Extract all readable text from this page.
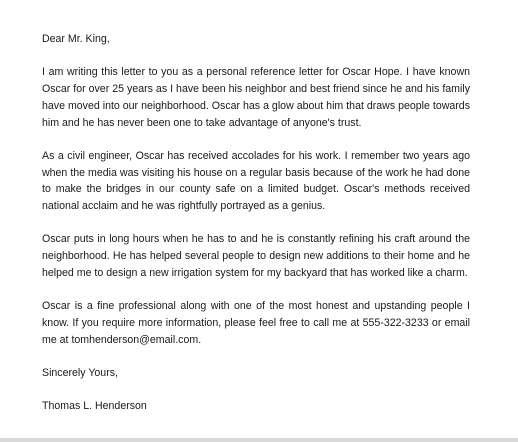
Dear Mr. King,

I am writing this letter to you as a personal reference letter for Oscar Hope. I have known Oscar for over 25 years as I have been his neighbor and best friend since he and his family have moved into our neighborhood. Oscar has a glow about him that draws people towards him and he has never been one to take advantage of anyone's trust.

As a civil engineer, Oscar has received accolades for his work. I remember two years ago when the media was visiting his house on a regular basis because of the work he had done to make the bridges in our county safe on a limited budget. Oscar's methods received national acclaim and he was rightfully portrayed as a genius.

Oscar puts in long hours when he has to and he is constantly refining his craft around the neighborhood. He has helped several people to design new additions to their home and he helped me to design a new irrigation system for my backyard that has worked like a charm.

Oscar is a fine professional along with one of the most honest and upstanding people I know. If you require more information, please feel free to call me at 555-322-3233 or email me at tomhenderson@email.com.

Sincerely Yours,

Thomas L. Henderson
